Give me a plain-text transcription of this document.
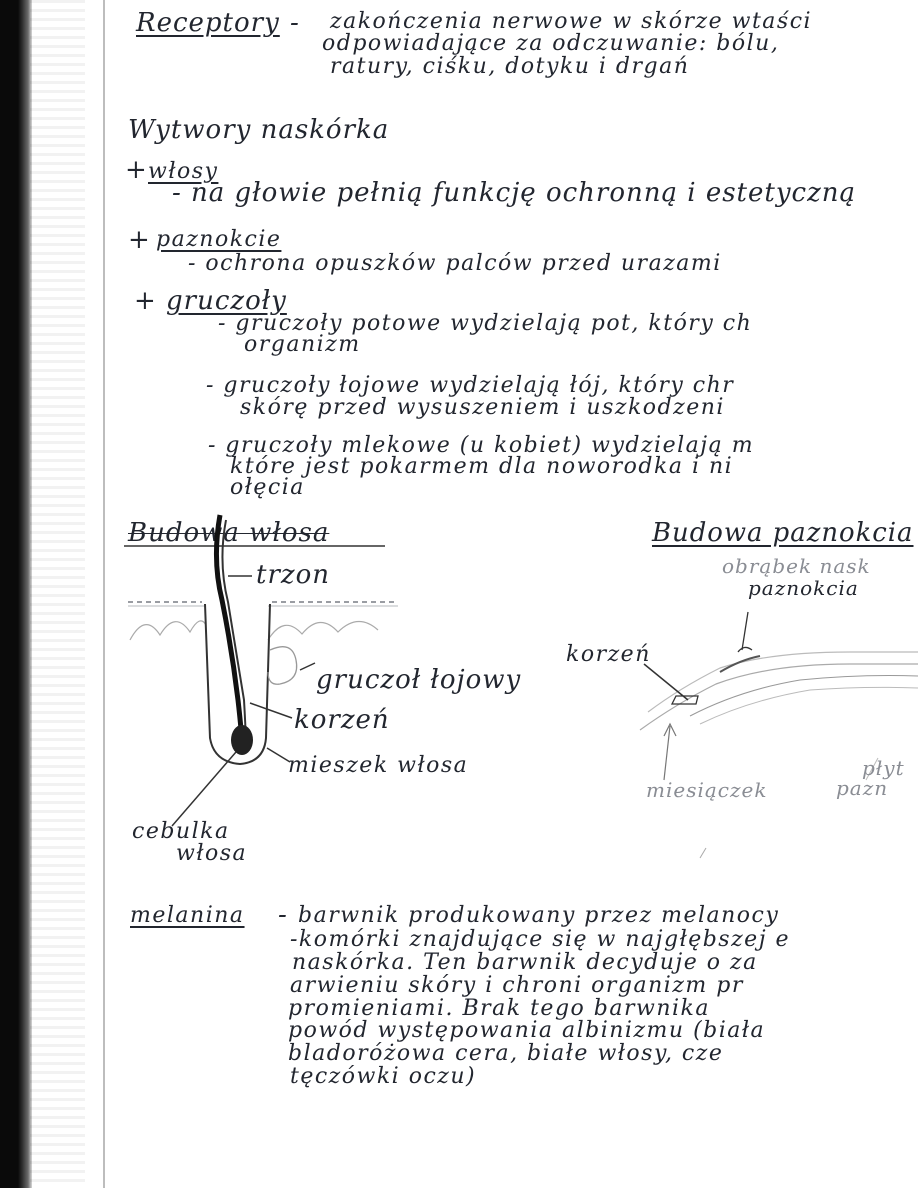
Receptory - zakończenia nerwowe w skórze wtaści

odpowiadające za odczuwanie: bólu,

ratury, ciśku, dotyku i drgań

Wytwory naskórka

+ włosy

- na głowie pełnią funkcję ochronną i estetyczną

+ paznokcie

- ochrona opuszków palców przed urazami

+ gruczoły

- gruczoły potowe wydzielają pot, który ch

organizm

- gruczoły łojowe wydzielają łój, który chr

skórę przed wysuszeniem i uszkodzeni

- gruczoły mlekowe (u kobiet) wydzielają m

które jest pokarmem dla noworodka i ni

ołęcia

Budowa włosa

trzon

gruczoł łojowy

korzeń

mieszek włosa

cebulka

włosa

Budowa paznokcia

obrąbek nask

paznokcia

korzeń

miesiączek

płyt

pazn

melanina - barwnik produkowany przez melanocy

-komórki znajdujące się w najgłębszej e

naskórka. Ten barwnik decyduje o za

arwieniu skóry i chroni organizm pr

promieniami. Brak tego barwnika

powód występowania albinizmu (biała

bladoróżowa cera, białe włosy, cze

tęczówki oczu)
